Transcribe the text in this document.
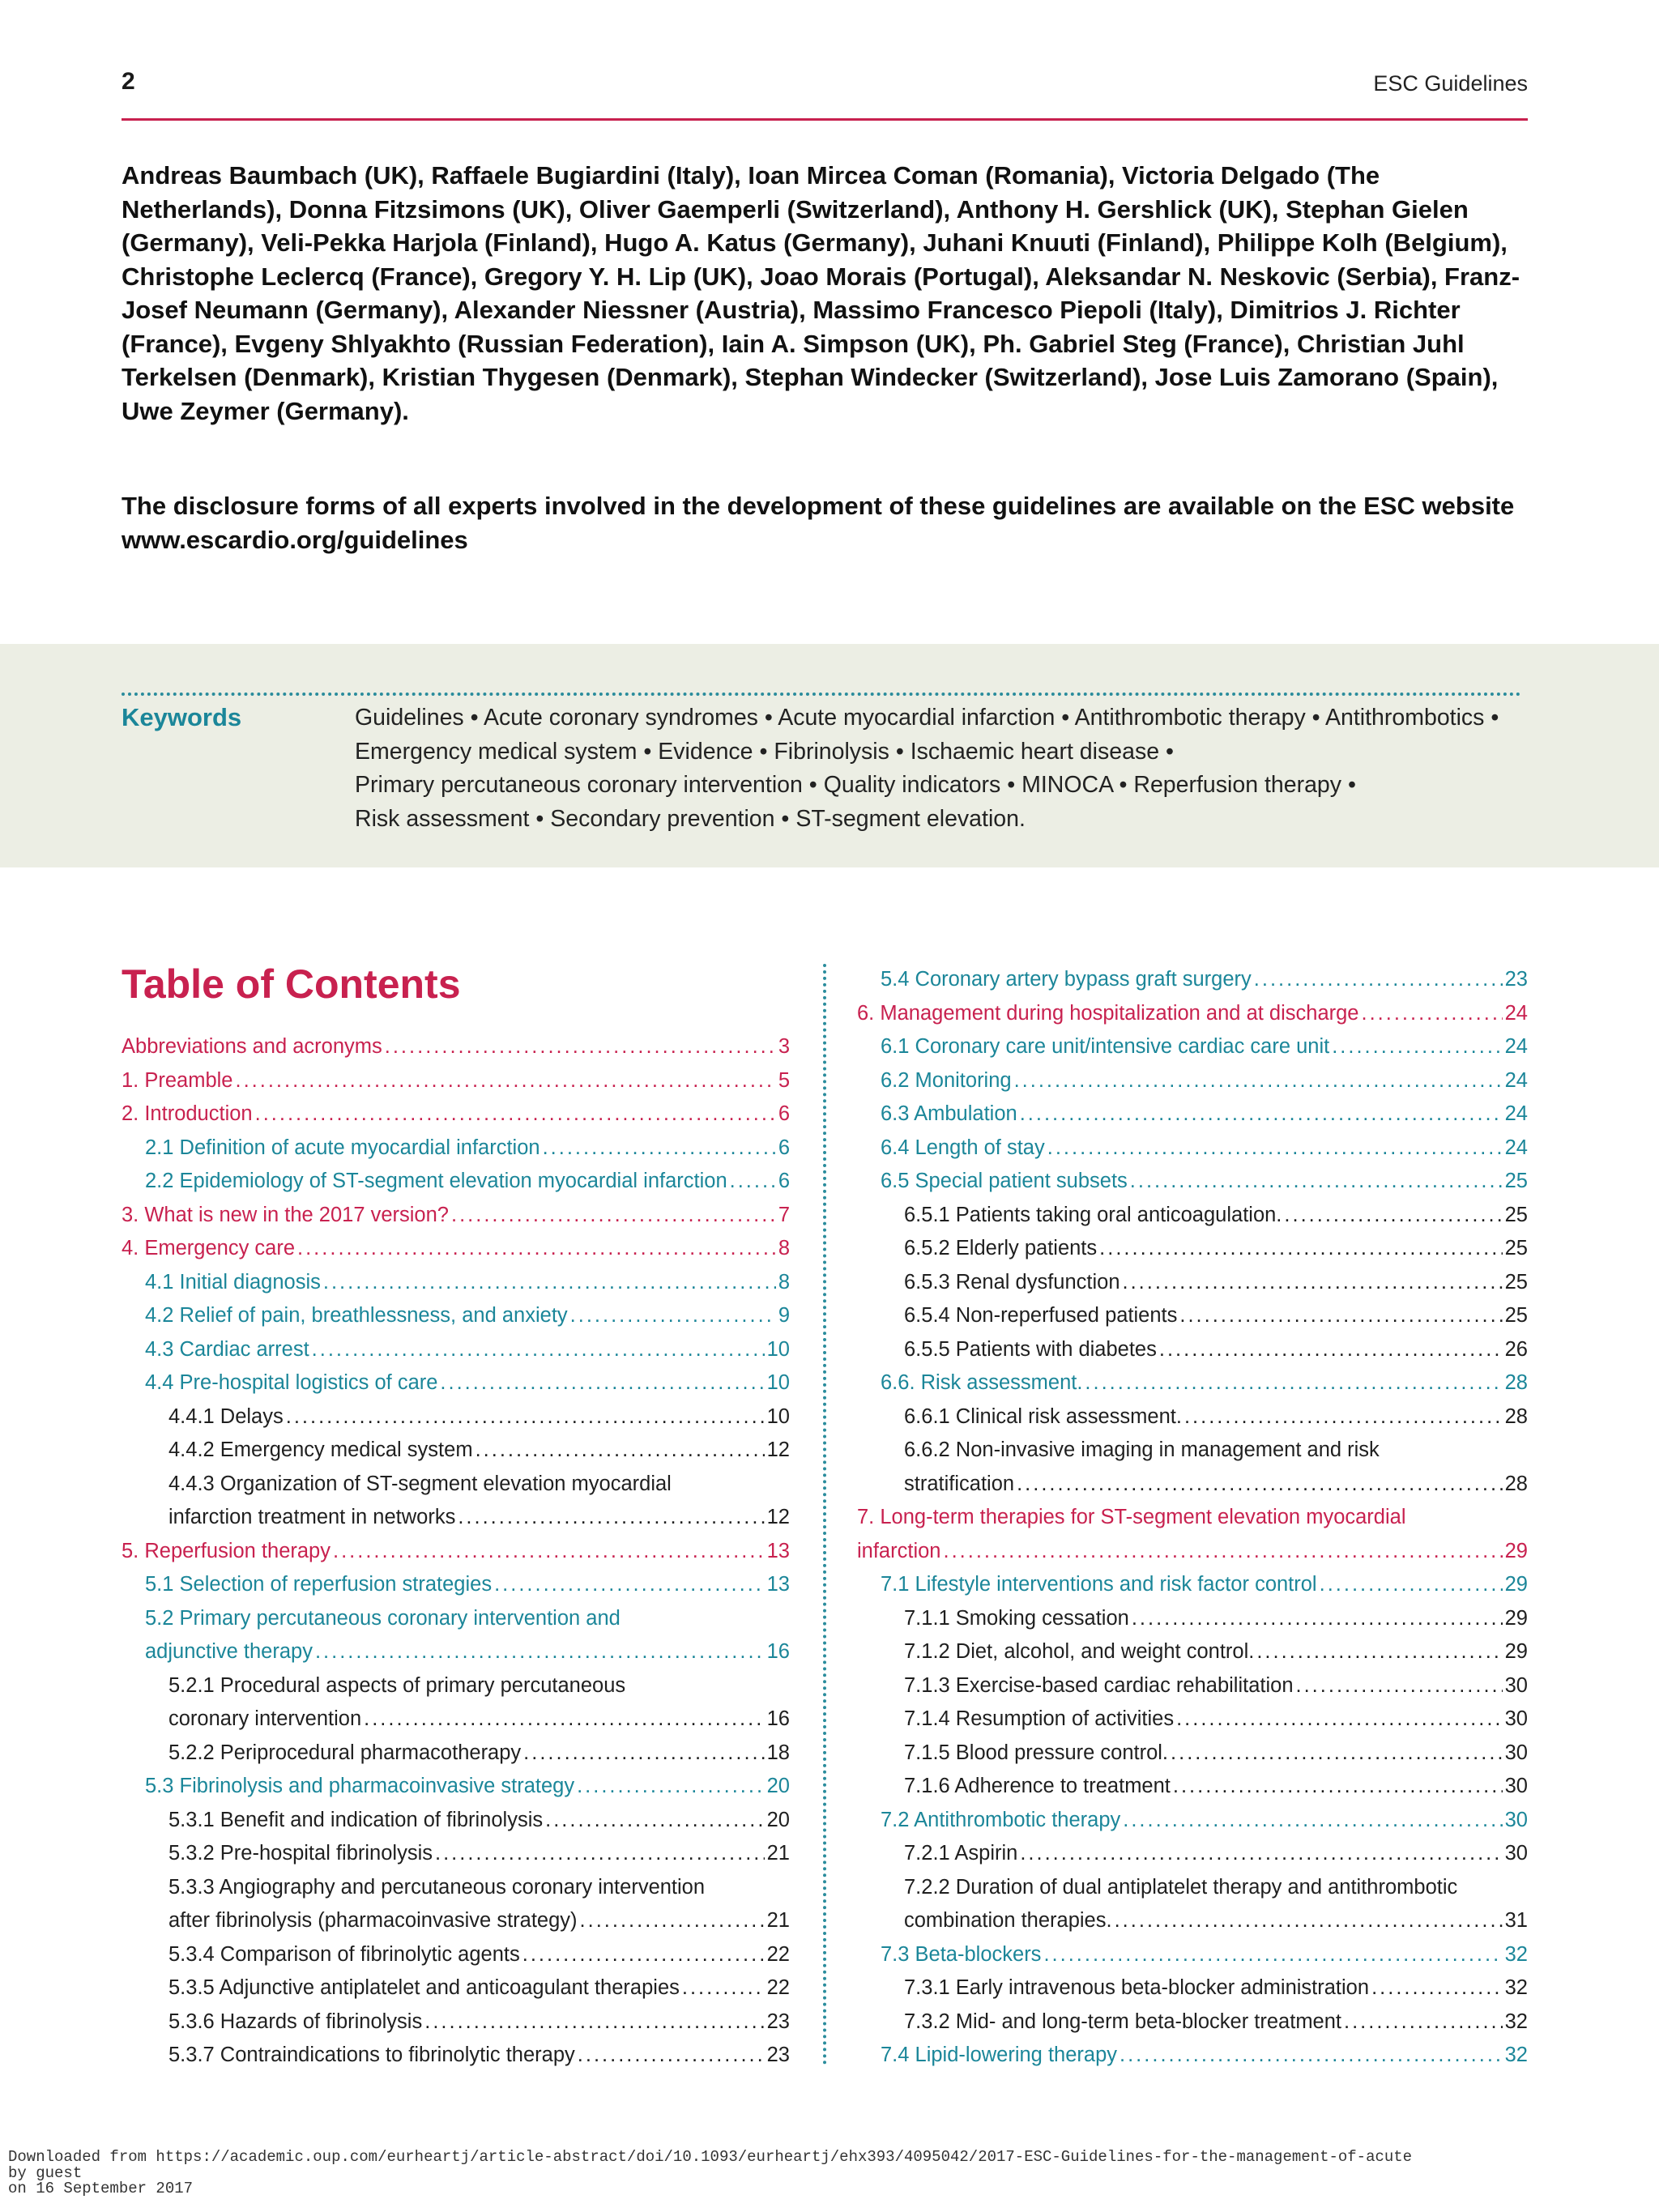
2	ESC Guidelines
Andreas Baumbach (UK), Raffaele Bugiardini (Italy), Ioan Mircea Coman (Romania), Victoria Delgado (The Netherlands), Donna Fitzsimons (UK), Oliver Gaemperli (Switzerland), Anthony H. Gershlick (UK), Stephan Gielen (Germany), Veli-Pekka Harjola (Finland), Hugo A. Katus (Germany), Juhani Knuuti (Finland), Philippe Kolh (Belgium), Christophe Leclercq (France), Gregory Y. H. Lip (UK), Joao Morais (Portugal), Aleksandar N. Neskovic (Serbia), Franz-Josef Neumann (Germany), Alexander Niessner (Austria), Massimo Francesco Piepoli (Italy), Dimitrios J. Richter (France), Evgeny Shlyakhto (Russian Federation), Iain A. Simpson (UK), Ph. Gabriel Steg (France), Christian Juhl Terkelsen (Denmark), Kristian Thygesen (Denmark), Stephan Windecker (Switzerland), Jose Luis Zamorano (Spain), Uwe Zeymer (Germany).
The disclosure forms of all experts involved in the development of these guidelines are available on the ESC website www.escardio.org/guidelines
Keywords	Guidelines • Acute coronary syndromes • Acute myocardial infarction • Antithrombotic therapy • Antithrombotics • Emergency medical system • Evidence • Fibrinolysis • Ischaemic heart disease • Primary percutaneous coronary intervention • Quality indicators • MINOCA • Reperfusion therapy • Risk assessment • Secondary prevention • ST-segment elevation.
Table of Contents
Abbreviations and acronyms .....	3
1. Preamble .....	5
2. Introduction .....	6
2.1 Definition of acute myocardial infarction .....	6
2.2 Epidemiology of ST-segment elevation myocardial infarction ..... 6
3. What is new in the 2017 version? .....	7
4. Emergency care .....	8
4.1 Initial diagnosis .....	8
4.2 Relief of pain, breathlessness, and anxiety .....	9
4.3 Cardiac arrest .....	10
4.4 Pre-hospital logistics of care .....	10
4.4.1 Delays .....	10
4.4.2 Emergency medical system .....	12
4.4.3 Organization of ST-segment elevation myocardial
infarction treatment in networks .....	12
5. Reperfusion therapy .....	13
5.1 Selection of reperfusion strategies .....	13
5.2 Primary percutaneous coronary intervention and
adjunctive therapy .....	16
5.2.1 Procedural aspects of primary percutaneous
coronary intervention .....	16
5.2.2 Periprocedural pharmacotherapy .....	18
5.3 Fibrinolysis and pharmacoinvasive strategy .....	20
5.3.1 Benefit and indication of fibrinolysis .....	20
5.3.2 Pre-hospital fibrinolysis .....	21
5.3.3 Angiography and percutaneous coronary intervention
after fibrinolysis (pharmacoinvasive strategy) .....	21
5.3.4 Comparison of fibrinolytic agents .....	22
5.3.5 Adjunctive antiplatelet and anticoagulant therapies .....	22
5.3.6 Hazards of fibrinolysis .....	23
5.3.7 Contraindications to fibrinolytic therapy .....	23
5.4 Coronary artery bypass graft surgery .....	23
6. Management during hospitalization and at discharge .....	24
6.1 Coronary care unit/intensive cardiac care unit .....	24
6.2 Monitoring .....	24
6.3 Ambulation .....	24
6.4 Length of stay .....	24
6.5 Special patient subsets .....	25
6.5.1 Patients taking oral anticoagulation. .....	25
6.5.2 Elderly patients .....	25
6.5.3 Renal dysfunction .....	25
6.5.4 Non-reperfused patients .....	25
6.5.5 Patients with diabetes .....	26
6.6. Risk assessment. .....	28
6.6.1 Clinical risk assessment. .....	28
6.6.2 Non-invasive imaging in management and risk
stratification .....	28
7. Long-term therapies for ST-segment elevation myocardial
infarction .....	29
7.1 Lifestyle interventions and risk factor control .....	29
7.1.1 Smoking cessation .....	29
7.1.2 Diet, alcohol, and weight control. .....	29
7.1.3 Exercise-based cardiac rehabilitation .....	30
7.1.4 Resumption of activities .....	30
7.1.5 Blood pressure control. .....	30
7.1.6 Adherence to treatment .....	30
7.2 Antithrombotic therapy .....	30
7.2.1 Aspirin .....	30
7.2.2 Duration of dual antiplatelet therapy and antithrombotic
combination therapies. .....	31
7.3 Beta-blockers .....	32
7.3.1 Early intravenous beta-blocker administration .....	32
7.3.2 Mid- and long-term beta-blocker treatment .....	32
7.4 Lipid-lowering therapy .....	32
Downloaded from https://academic.oup.com/eurheartj/article-abstract/doi/10.1093/eurheartj/ehx393/4095042/2017-ESC-Guidelines-for-the-management-of-acute
by guest
on 16 September 2017
